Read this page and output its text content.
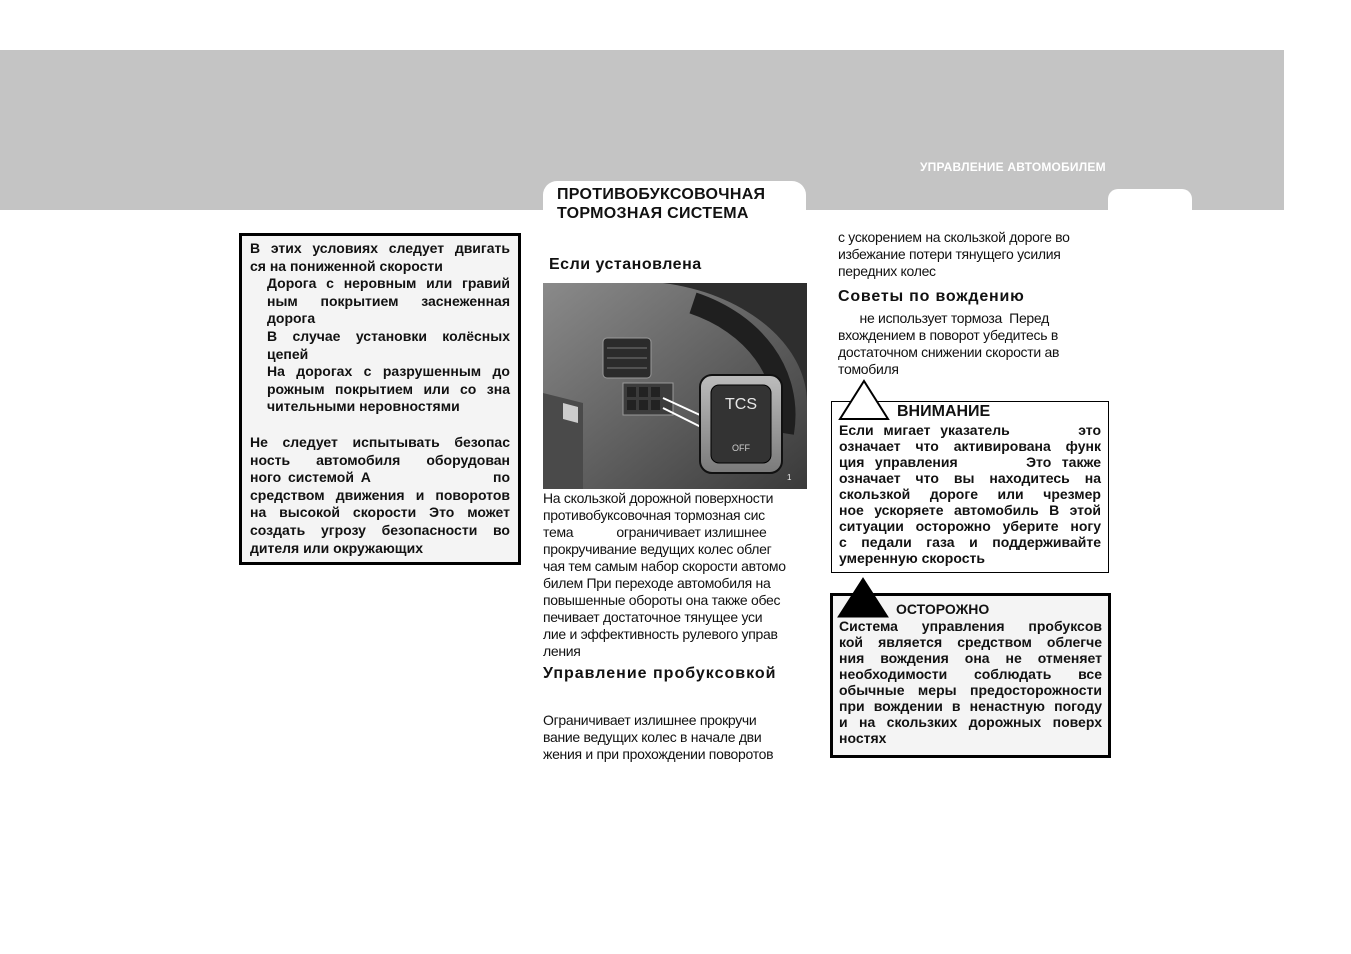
УПРАВЛЕНИЕ АВТОМОБИЛЕМ
ПРОТИВОБУКСОВОЧНАЯ
ТОРМОЗНАЯ СИСТЕМА
В этих условиях следует двигать
ся на пониженной скорости
Дорога с неровным или гравий
ным покрытием заснеженная
дорога
В случае установки колёсных
цепей
На дорогах с разрушенным до
рожным покрытием или со зна
чительными неровностями
Не следует испытывать безопас
ность автомобиля оборудован
ного системой А                  по
средством движения и поворотов
на высокой скорости Это может
создать угрозу безопасности во
дителя или окружающих
Если установлена
TCS
OFF
1
На скользкой дорожной поверхности
противобуксовочная тормозная сис
тема            ограничивает излишнее
прокручивание ведущих колес облег
чая тем самым набор скорости автомо
билем При переходе автомобиля на
повышенные обороты она также обес
печивает достаточное тянущее уси
лие и эффективность рулевого управ
ления
Управление пробуксовкой
Ограничивает излишнее прокручи
вание ведущих колес в начале дви
жения и при прохождении поворотов
с ускорением на скользкой дороге во
избежание потери тянущего усилия
передних колес
Советы по вождению
не использует тормоза  Перед
вхождением в поворот убедитесь в
достаточном снижении скорости ав
томобиля
Если  мигает  указатель              это
означает что активирована функ
ция  управления             Это  также
означает что вы находитесь на
скользкой дороге или чрезмер
ное ускоряете автомобиль В этой
ситуации осторожно уберите ногу
с педали газа и поддерживайте
умеренную скорость
ВНИМАНИЕ
Система управления пробуксов
кой являетcя средством облегче
ния вождения она не отменяет
необходимости соблюдать все
обычные меры предосторожности
при вождении в ненастную погоду
и на скользких дорожных поверх
ностях
ОСТОРОЖНО
